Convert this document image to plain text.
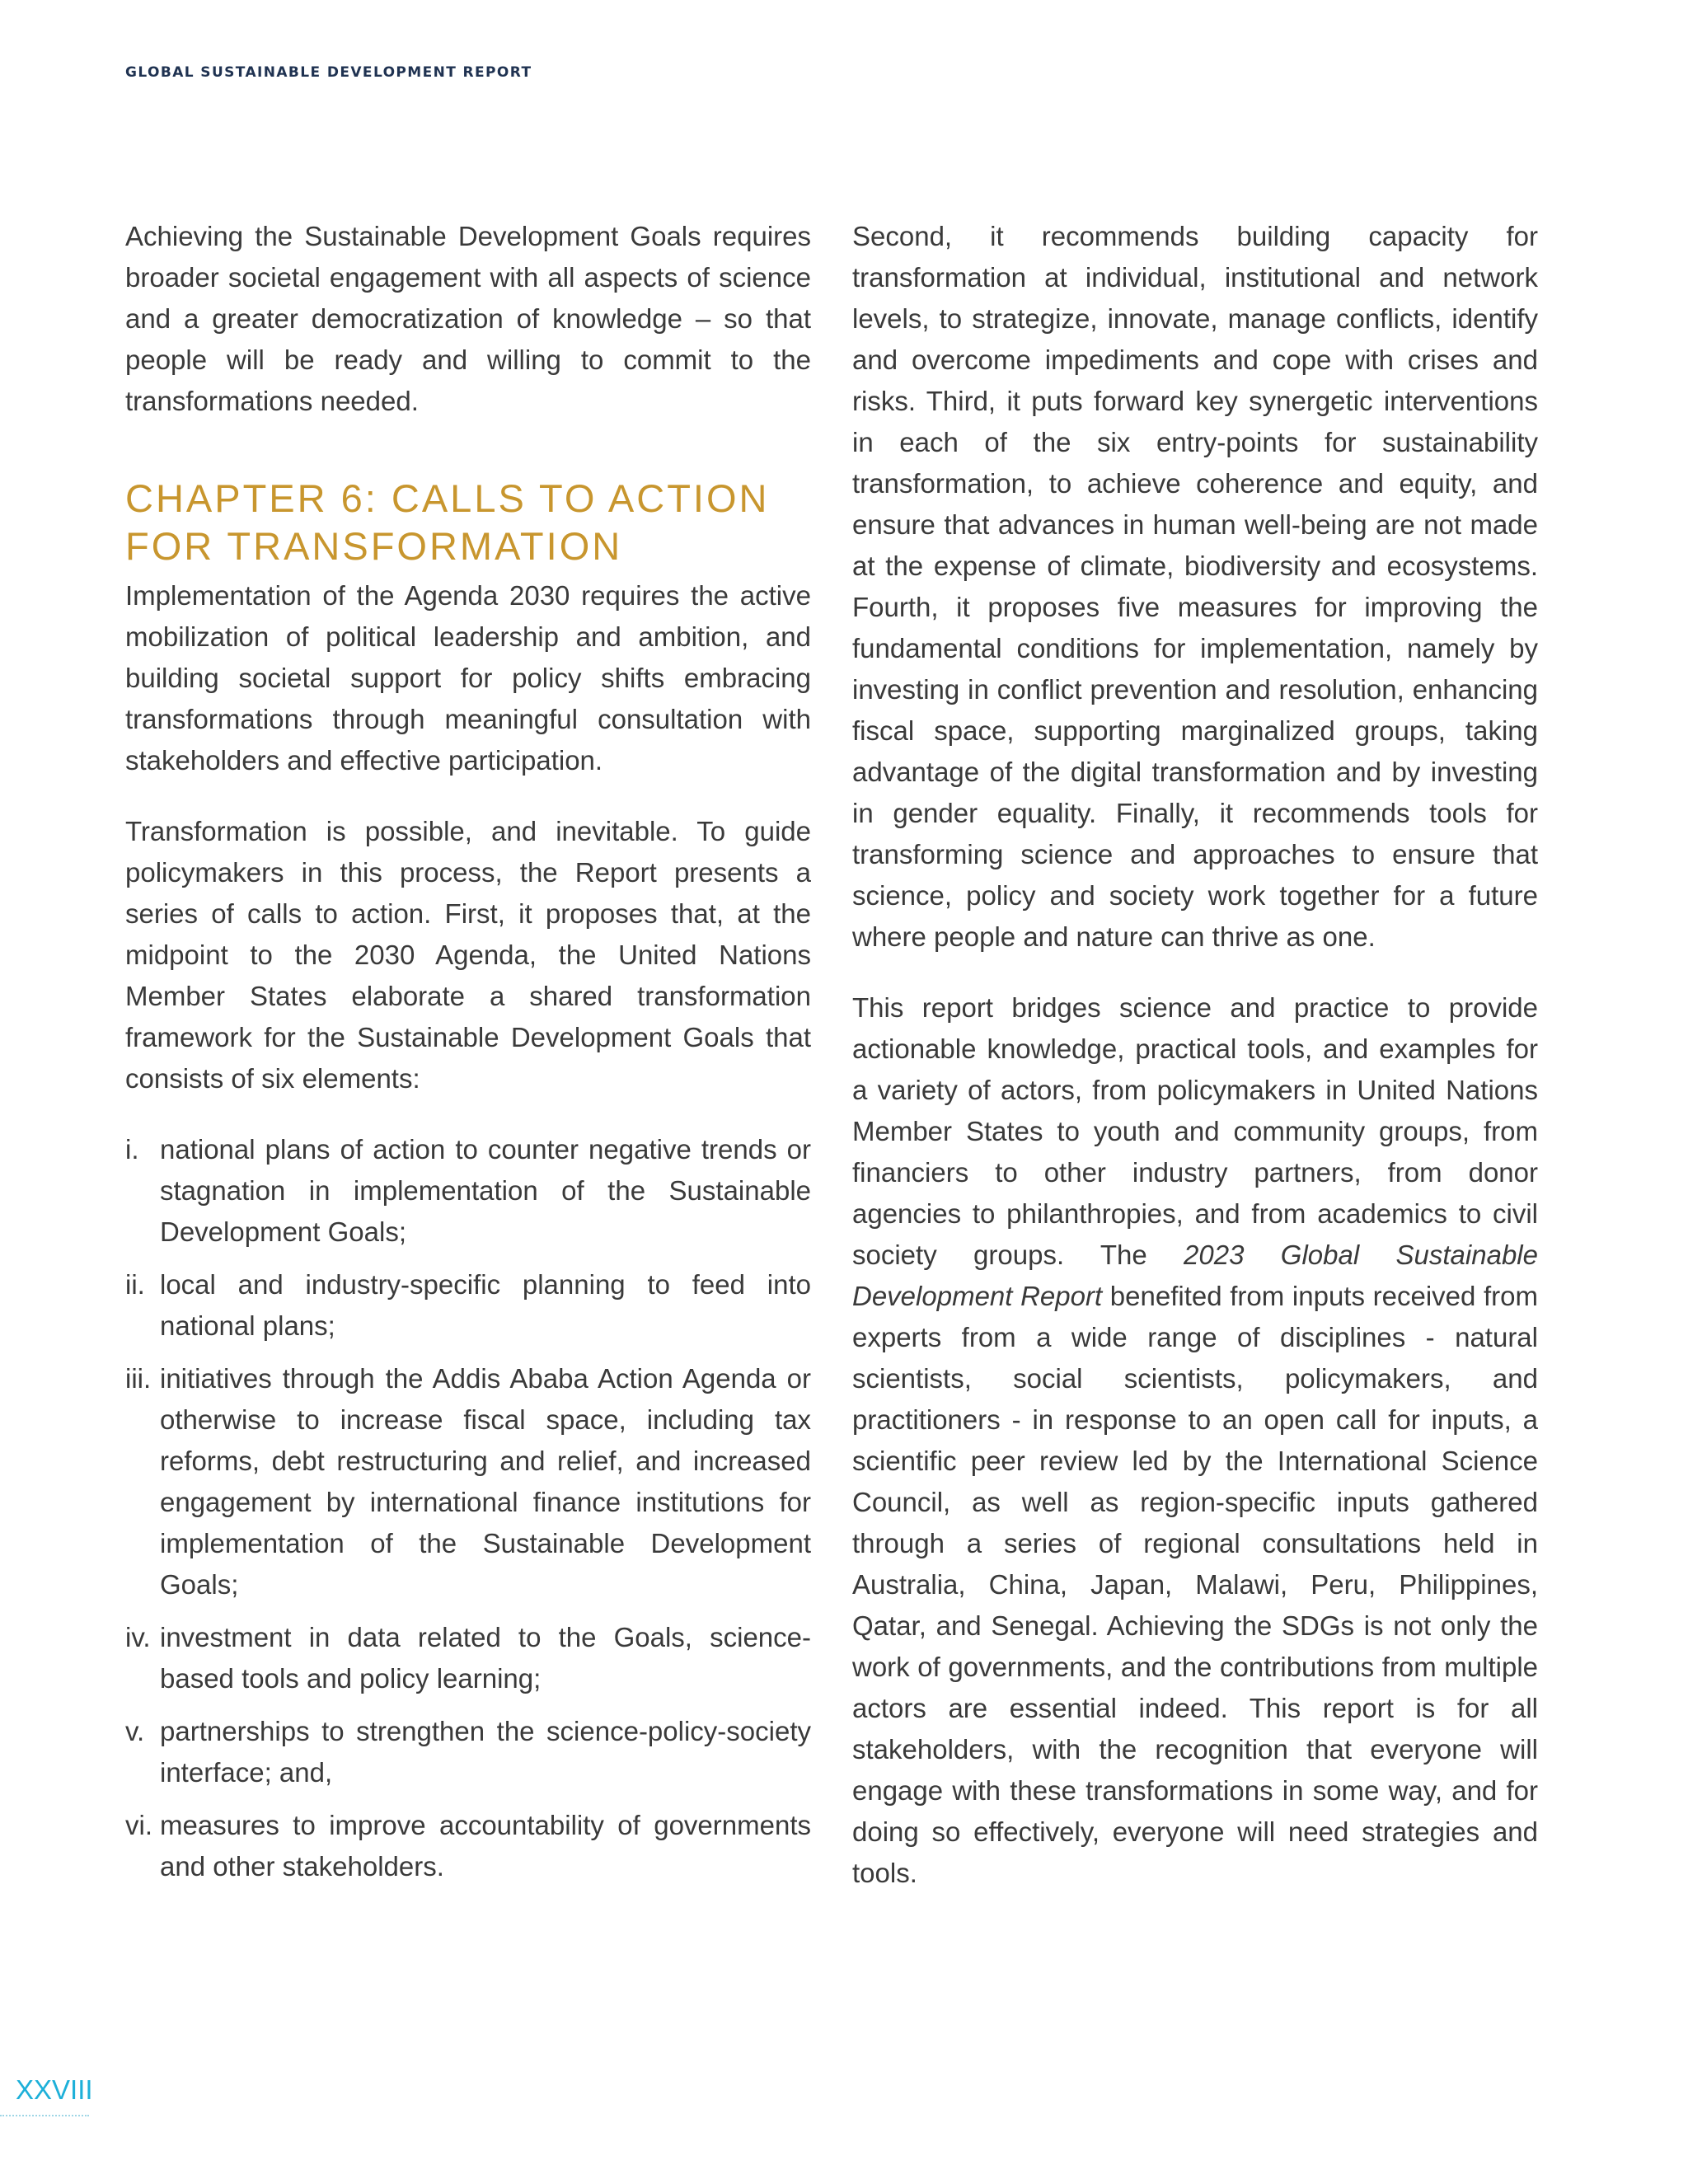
GLOBAL SUSTAINABLE DEVELOPMENT REPORT

Achieving the Sustainable Development Goals requires broader societal engagement with all aspects of science and a greater democratization of knowledge – so that people will be ready and willing to commit to the transformations needed.

CHAPTER 6: CALLS TO ACTION
FOR TRANSFORMATION

Implementation of the Agenda 2030 requires the active mobilization of political leadership and ambition, and building societal support for policy shifts embracing transformations through meaningful consultation with stakeholders and effective participation.

Transformation is possible, and inevitable. To guide policymakers in this process, the Report presents a series of calls to action. First, it proposes that, at the midpoint to the 2030 Agenda, the United Nations Member States elaborate a shared transformation framework for the Sustainable Development Goals that consists of six elements:

i. national plans of action to counter negative trends or stagnation in implementation of the Sustainable Development Goals;
ii. local and industry-specific planning to feed into national plans;
iii. initiatives through the Addis Ababa Action Agenda or otherwise to increase fiscal space, including tax reforms, debt restructuring and relief, and increased engagement by international finance institutions for implementation of the Sustainable Development Goals;
iv. investment in data related to the Goals, science-based tools and policy learning;
v. partnerships to strengthen the science-policy-society interface; and,
vi. measures to improve accountability of governments and other stakeholders.

Second, it recommends building capacity for transformation at individual, institutional and network levels, to strategize, innovate, manage conflicts, identify and overcome impediments and cope with crises and risks. Third, it puts forward key synergetic interventions in each of the six entry-points for sustainability transformation, to achieve coherence and equity, and ensure that advances in human well-being are not made at the expense of climate, biodiversity and ecosystems. Fourth, it proposes five measures for improving the fundamental conditions for implementation, namely by investing in conflict prevention and resolution, enhancing fiscal space, supporting marginalized groups, taking advantage of the digital transformation and by investing in gender equality. Finally, it recommends tools for transforming science and approaches to ensure that science, policy and society work together for a future where people and nature can thrive as one.

This report bridges science and practice to provide actionable knowledge, practical tools, and examples for a variety of actors, from policymakers in United Nations Member States to youth and community groups, from financiers to other industry partners, from donor agencies to philanthropies, and from academics to civil society groups. The 2023 Global Sustainable Development Report benefited from inputs received from experts from a wide range of disciplines - natural scientists, social scientists, policymakers, and practitioners - in response to an open call for inputs, a scientific peer review led by the International Science Council, as well as region-specific inputs gathered through a series of regional consultations held in Australia, China, Japan, Malawi, Peru, Philippines, Qatar, and Senegal. Achieving the SDGs is not only the work of governments, and the contributions from multiple actors are essential indeed. This report is for all stakeholders, with the recognition that everyone will engage with these transformations in some way, and for doing so effectively, everyone will need strategies and tools.

XXVIII
